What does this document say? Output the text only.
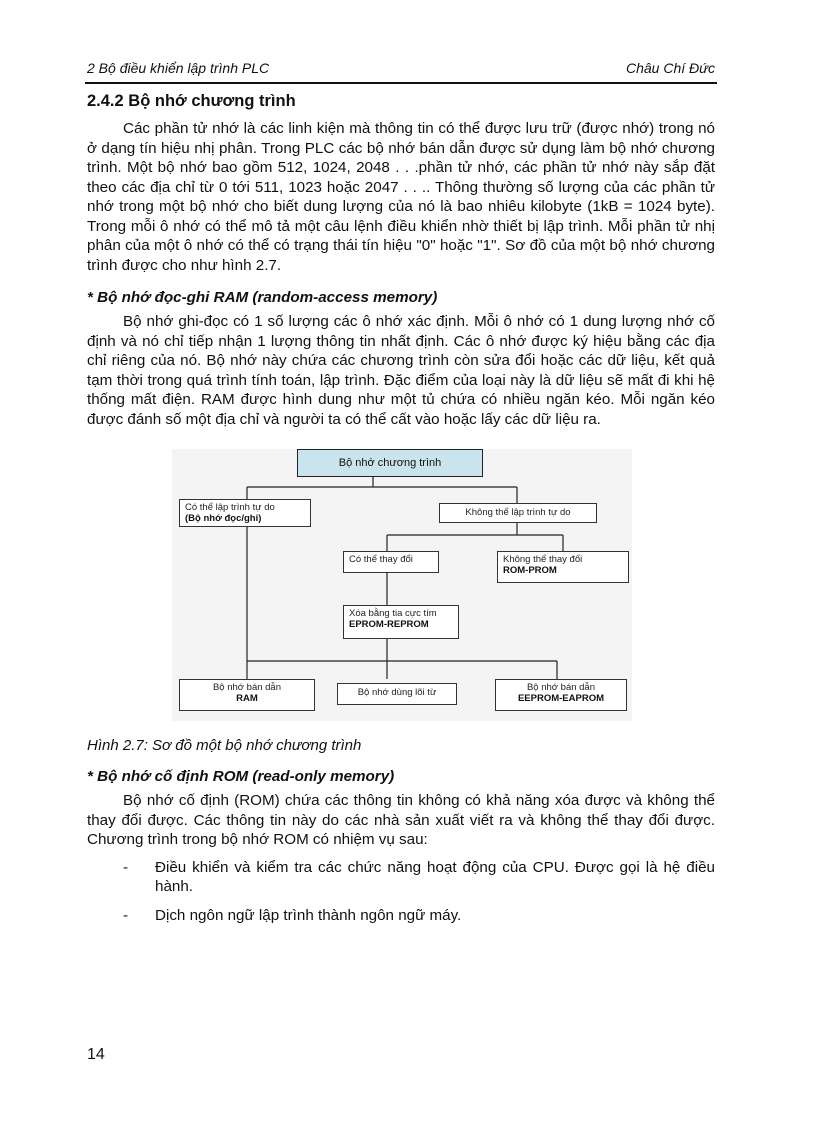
2 Bộ điều khiển lập trình PLC	Châu Chí Đức
2.4.2 Bộ nhớ chương trình

Các phần tử nhớ là các linh kiện mà thông tin có thể được lưu trữ (được nhớ) trong nó ở dạng tín hiệu nhị phân. Trong PLC các bộ nhớ bán dẫn được sử dụng làm bộ nhớ chương trình. Một bộ nhớ bao gồm 512, 1024, 2048 . . .phần tử nhớ, các phần tử nhớ này sắp đặt theo các địa chỉ từ 0 tới 511, 1023 hoặc 2047 . . .. Thông thường số lượng của các phần tử nhớ trong một bộ nhớ cho biết dung lượng của nó là bao nhiêu kilobyte (1kB = 1024 byte). Trong mỗi ô nhớ có thể mô tả một câu lệnh điều khiển nhờ thiết bị lập trình. Mỗi phần tử nhị phân của một ô nhớ có thể có trạng thái tín hiệu "0" hoặc "1". Sơ đồ của một bộ nhớ chương trình được cho như hình 2.7.

* Bộ nhớ đọc-ghi RAM (random-access memory)

Bộ nhớ ghi-đọc có 1 số lượng các ô nhớ xác định. Mỗi ô nhớ có 1 dung lượng nhớ cố định và nó chỉ tiếp nhận 1 lượng thông tin nhất định. Các ô nhớ được ký hiệu bằng các địa chỉ riêng của nó. Bộ nhớ này chứa các chương trình còn sửa đổi hoặc các dữ liệu, kết quả tạm thời trong quá trình tính toán, lập trình. Đặc điểm của loại này là dữ liệu sẽ mất đi khi hệ thống mất điện. RAM được hình dung như một tủ chứa có nhiều ngăn kéo. Mỗi ngăn kéo được đánh số một địa chỉ và người ta có thể cất vào hoặc lấy các dữ liệu ra.

Bộ nhớ chương trình
Có thể lập trình tự do
(Bộ nhớ đọc/ghi)
Không thể lập trình tự do
Có thể thay đổi	Không thể thay đổi
ROM-PROM
Xóa bằng tia cực tím
EPROM-REPROM
Bộ nhớ bán dẫn
RAM
Bộ nhớ dùng lõi từ	Bộ nhớ bán dẫn
EEPROM-EAPROM
Hình 2.7: Sơ đồ một bộ nhớ chương trình
* Bộ nhớ cố định ROM (read-only memory)

Bộ nhớ cố định (ROM) chứa các thông tin không có khả năng xóa được và không thể thay đổi được. Các thông tin này do các nhà sản xuất viết ra và không thể thay đổi được. Chương trình trong bộ nhớ ROM có nhiệm vụ sau:

- Điều khiển và kiểm tra các chức năng hoạt động của CPU. Được gọi là hệ điều hành.
- Dịch ngôn ngữ lập trình thành ngôn ngữ máy.
14
